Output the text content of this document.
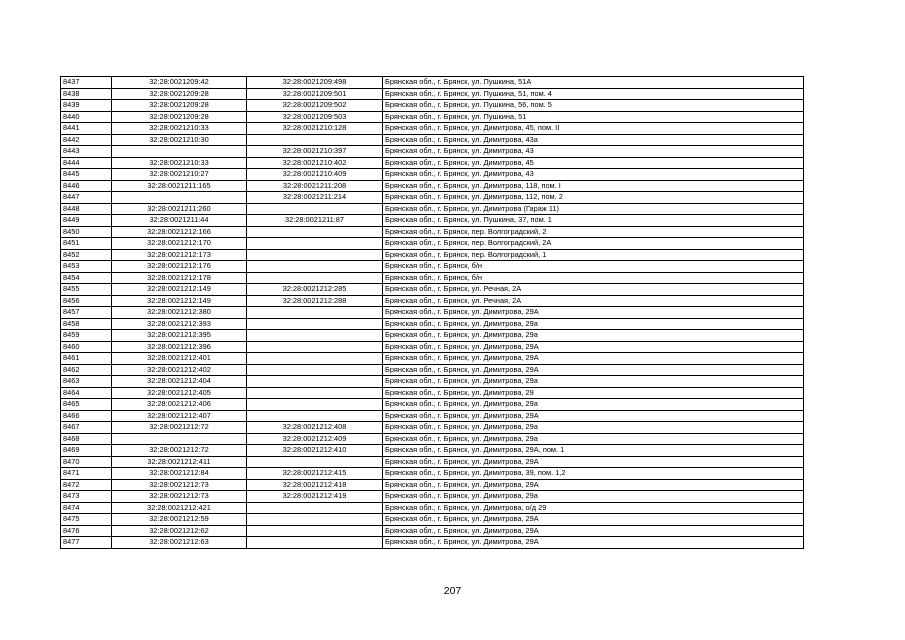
8437	32:28:0021209:42	32:28:0021209:498	Брянская обл., г. Брянск, ул. Пушкина, 51А
8438	32:28:0021209:28	32:28:0021209:501	Брянская обл., г. Брянск, ул. Пушкина, 51, пом. 4
8439	32:28:0021209:28	32:28:0021209:502	Брянская обл., г. Брянск, ул. Пушкина, 56, пом. 5
8440	32:28:0021209:28	32:28:0021209:503	Брянская обл., г. Брянск, ул. Пушкина, 51
8441	32:28:0021210:33	32:28:0021210:128	Брянская обл., г. Брянск, ул. Димитрова, 45, пом. II
8442	32:28:0021210:30		Брянская обл., г. Брянск, ул. Димитрова, 43а
8443		32:28:0021210:397	Брянская обл., г. Брянск, ул. Димитрова, 43
8444	32:28:0021210:33	32:28:0021210:402	Брянская обл., г. Брянск, ул. Димитрова, 45
8445	32:28:0021210:27	32:28:0021210:409	Брянская обл., г. Брянск, ул. Димитрова, 43
8446	32:28:0021211:165	32:28:0021211:208	Брянская обл., г. Брянск, ул. Димитрова, 118, пом. I
8447		32:28:0021211:214	Брянская обл., г. Брянск, ул. Димитрова, 112, пом. 2
8448	32:28:0021211:260		Брянская обл., г. Брянск, ул. Димитрова (Гараж 11)
8449	32:28:0021211:44	32:28:0021211:87	Брянская обл., г. Брянск, ул. Пушкина, 37, пом. 1
8450	32:28:0021212:166		Брянская обл., г. Брянск, пер. Волгоградский, 2
8451	32:28:0021212:170		Брянская обл., г. Брянск, пер. Волгоградский, 2А
8452	32:28:0021212:173		Брянская обл., г. Брянск, пер. Волгоградский, 1
8453	32:28:0021212:176		Брянская обл., г. Брянск, б/н
8454	32:28:0021212:178		Брянская обл., г. Брянск, б/н
8455	32:28:0021212:149	32:28:0021212:285	Брянская обл., г. Брянск, ул. Речная, 2А
8456	32:28:0021212:149	32:28:0021212:288	Брянская обл., г. Брянск, ул. Речная, 2А
8457	32:28:0021212:380		Брянская обл., г. Брянск, ул. Димитрова, 29А
8458	32:28:0021212:393		Брянская обл., г. Брянск, ул. Димитрова, 29а
8459	32:28:0021212:395		Брянская обл., г. Брянск, ул. Димитрова, 29а
8460	32:28:0021212:396		Брянская обл., г. Брянск, ул. Димитрова, 29А
8461	32:28:0021212:401		Брянская обл., г. Брянск, ул. Димитрова, 29А
8462	32:28:0021212:402		Брянская обл., г. Брянск, ул. Димитрова, 29А
8463	32:28:0021212:404		Брянская обл., г. Брянск, ул. Димитрова, 29а
8464	32:28:0021212:405		Брянская обл., г. Брянск, ул. Димитрова, 29
8465	32:28:0021212:406		Брянская обл., г. Брянск, ул. Димитрова, 29а
8466	32:28:0021212:407		Брянская обл., г. Брянск, ул. Димитрова, 29А
8467	32:28:0021212:72	32:28:0021212:408	Брянская обл., г. Брянск, ул. Димитрова, 29а
8468		32:28:0021212:409	Брянская обл., г. Брянск, ул. Димитрова, 29а
8469	32:28:0021212:72	32:28:0021212:410	Брянская обл., г. Брянск, ул. Димитрова, 29А, пом. 1
8470	32:28:0021212:411		Брянская обл., г. Брянск, ул. Димитрова, 29А
8471	32:28:0021212:84	32:28:0021212:415	Брянская обл., г. Брянск, ул. Димитрова, 39, пом. 1,2
8472	32:28:0021212:73	32:28:0021212:418	Брянская обл., г. Брянск, ул. Димитрова, 29А
8473	32:28:0021212:73	32:28:0021212:419	Брянская обл., г. Брянск, ул. Димитрова, 29а
8474	32:28:0021212:421		Брянская обл., г. Брянск, ул. Димитрова, о/д 29
8475	32:28:0021212:59		Брянская обл., г. Брянск, ул. Димитрова, 29А
8476	32:28:0021212:62		Брянская обл., г. Брянск, ул. Димитрова, 29А
8477	32:28:0021212:63		Брянская обл., г. Брянск, ул. Димитрова, 29А
207
